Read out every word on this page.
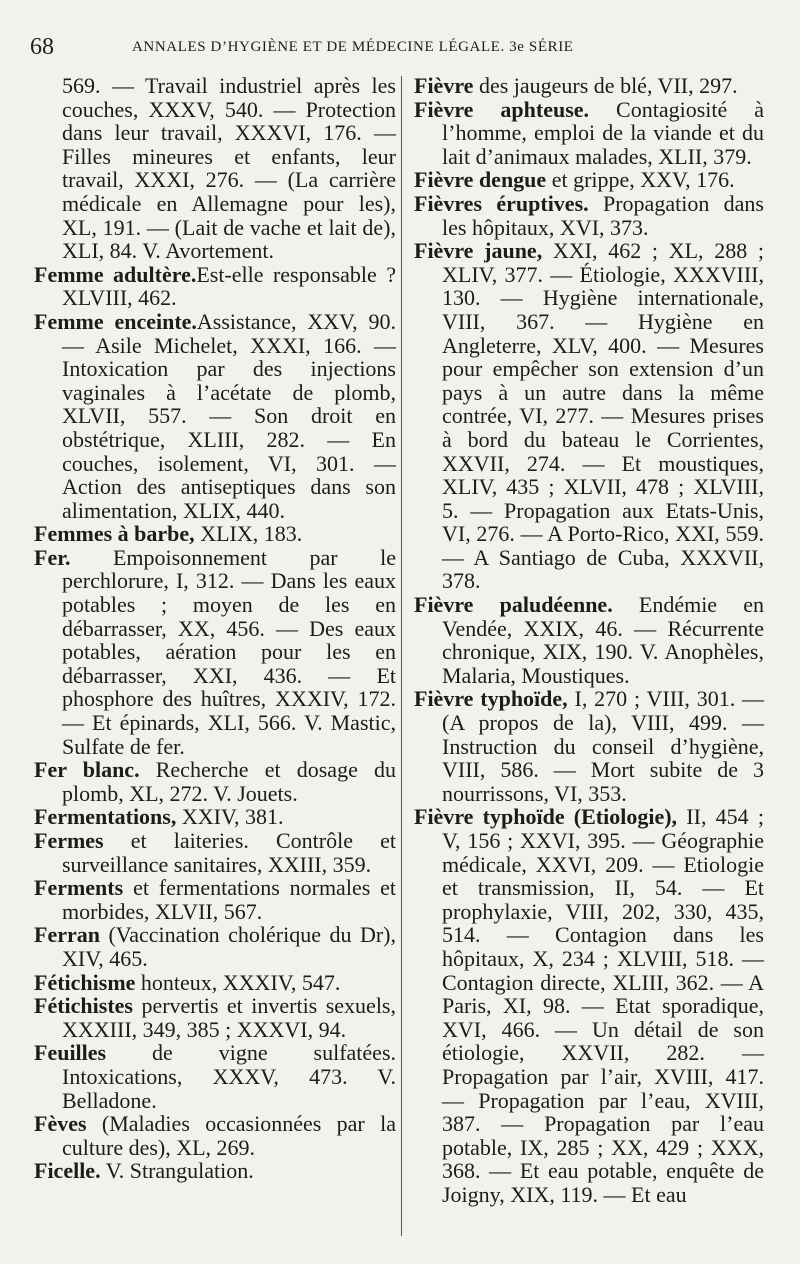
68	ANNALES D’HYGIÈNE ET DE MÉDECINE LÉGALE. 3e SÉRIE

569. — Travail industriel après les couches, XXXV, 540. — Protection dans leur travail, XXXVI, 176. — Filles mineures et enfants, leur travail, XXXI, 276. — (La carrière médicale en Allemagne pour les), XL, 191. — (Lait de vache et lait de), XLI, 84. V. Avortement.

Femme adultère.Est-elle responsable ? XLVIII, 462.

Femme enceinte.Assistance, XXV, 90. — Asile Michelet, XXXI, 166. — Intoxication par des injections vaginales à l’acétate de plomb, XLVII, 557. — Son droit en obstétrique, XLIII, 282. — En couches, isolement, VI, 301. — Action des antiseptiques dans son alimentation, XLIX, 440.

Femmes à barbe, XLIX, 183.

Fer. Empoisonnement par le perchlorure, I, 312. — Dans les eaux potables ; moyen de les en débarrasser, XX, 456. — Des eaux potables, aération pour les en débarrasser, XXI, 436. — Et phosphore des huîtres, XXXIV, 172. — Et épinards, XLI, 566. V. Mastic, Sulfate de fer.

Fer blanc. Recherche et dosage du plomb, XL, 272. V. Jouets.

Fermentations, XXIV, 381.

Fermes et laiteries. Contrôle et surveillance sanitaires, XXIII, 359.

Ferments et fermentations normales et morbides, XLVII, 567.

Ferran (Vaccination cholérique du Dr), XIV, 465.

Fétichisme honteux, XXXIV, 547.

Fétichistes pervertis et invertis sexuels, XXXIII, 349, 385 ; XXXVI, 94.

Feuilles de vigne sulfatées. Intoxications, XXXV, 473. V. Belladone.

Fèves (Maladies occasionnées par la culture des), XL, 269.

Ficelle. V. Strangulation.

Fièvre des jaugeurs de blé, VII, 297.

Fièvre aphteuse. Contagiosité à l’homme, emploi de la viande et du lait d’animaux malades, XLII, 379.

Fièvre dengue et grippe, XXV, 176.

Fièvres éruptives. Propagation dans les hôpitaux, XVI, 373.

Fièvre jaune, XXI, 462 ; XL, 288 ; XLIV, 377. — Étiologie, XXXVIII, 130. — Hygiène internationale, VIII, 367. — Hygiène en Angleterre, XLV, 400. — Mesures pour empêcher son extension d’un pays à un autre dans la même contrée, VI, 277. — Mesures prises à bord du bateau le Corrientes, XXVII, 274. — Et moustiques, XLIV, 435 ; XLVII, 478 ; XLVIII, 5. — Propagation aux Etats-Unis, VI, 276. — A Porto-Rico, XXI, 559. — A Santiago de Cuba, XXXVII, 378.

Fièvre paludéenne. Endémie en Vendée, XXIX, 46. — Récurrente chronique, XIX, 190. V. Anophèles, Malaria, Moustiques.

Fièvre typhoïde, I, 270 ; VIII, 301. — (A propos de la), VIII, 499. — Instruction du conseil d’hygiène, VIII, 586. — Mort subite de 3 nourrissons, VI, 353.

Fièvre typhoïde (Etiologie), II, 454 ; V, 156 ; XXVI, 395. — Géographie médicale, XXVI, 209. — Etiologie et transmission, II, 54. — Et prophylaxie, VIII, 202, 330, 435, 514. — Contagion dans les hôpitaux, X, 234 ; XLVIII, 518. — Contagion directe, XLIII, 362. — A Paris, XI, 98. — Etat sporadique, XVI, 466. — Un détail de son étiologie, XXVII, 282. — Propagation par l’air, XVIII, 417. — Propagation par l’eau, XVIII, 387. — Propagation par l’eau potable, IX, 285 ; XX, 429 ; XXX, 368. — Et eau potable, enquête de Joigny, XIX, 119. — Et eau
